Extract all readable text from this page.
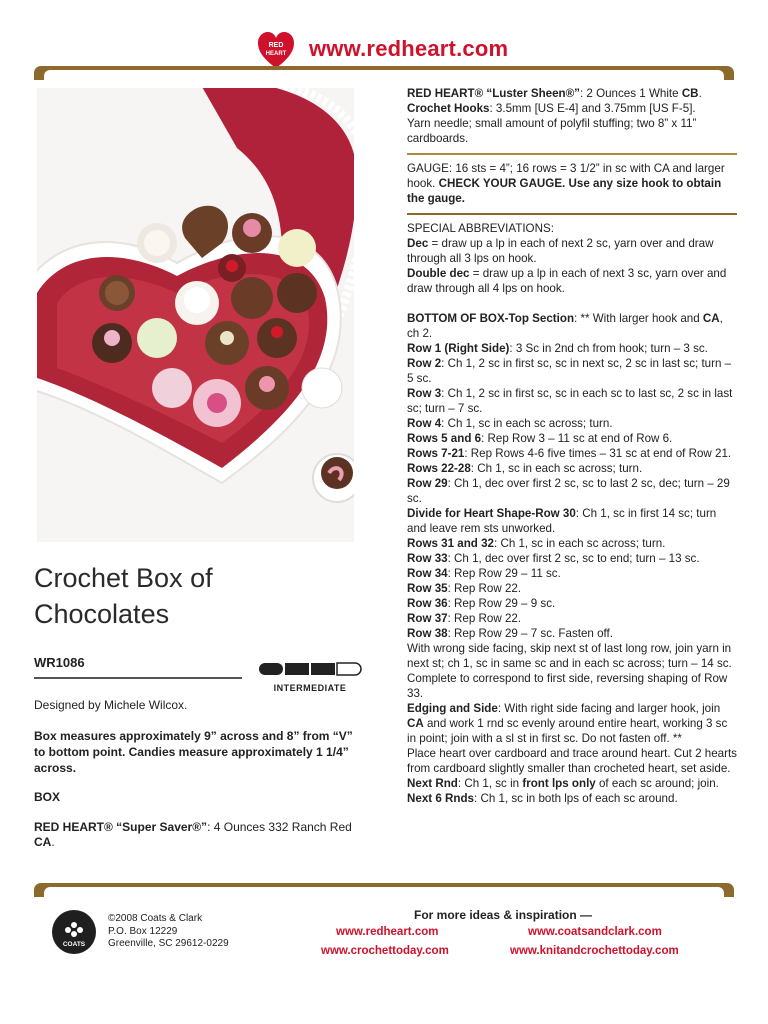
RED
HEART www.redheart.com
Crochet Box of
Chocolates
WR1086
INTERMEDIATE
Designed by Michele Wilcox.
Box measures approximately 9” across and 8” from “V” to bottom point. Candies measure approximately 1 1/4” across.
BOX
RED HEART® “Super Saver®”: 4 Ounces 332 Ranch Red CA.

RED HEART® “Luster Sheen®”: 2 Ounces 1 White CB.

Crochet Hooks: 3.5mm [US E-4] and 3.75mm [US F-5].

Yarn needle; small amount of polyfil stuffing; two 8” x 11” cardboards.

GAUGE: 16 sts = 4”; 16 rows = 3 1/2” in sc with CA and larger hook. CHECK YOUR GAUGE. Use any size hook to obtain the gauge.

SPECIAL ABBREVIATIONS:

Dec = draw up a lp in each of next 2 sc, yarn over and draw through all 3 lps on hook.

Double dec = draw up a lp in each of next 3 sc, yarn over and draw through all 4 lps on hook.

BOTTOM OF BOX-Top Section: ** With larger hook and CA, ch 2.

Row 1 (Right Side): 3 Sc in 2nd ch from hook; turn – 3 sc.

Row 2: Ch 1, 2 sc in first sc, sc in next sc, 2 sc in last sc; turn – 5 sc.

Row 3: Ch 1, 2 sc in first sc, sc in each sc to last sc, 2 sc in last sc; turn – 7 sc.

Row 4: Ch 1, sc in each sc across; turn.

Rows 5 and 6: Rep Row 3 – 11 sc at end of Row 6.

Rows 7-21: Rep Rows 4-6 five times – 31 sc at end of Row 21.

Rows 22-28: Ch 1, sc in each sc across; turn.

Row 29: Ch 1, dec over first 2 sc, sc to last 2 sc, dec; turn – 29 sc.

Divide for Heart Shape-Row 30: Ch 1, sc in first 14 sc; turn and leave rem sts unworked.

Rows 31 and 32: Ch 1, sc in each sc across; turn.

Row 33: Ch 1, dec over first 2 sc, sc to end; turn – 13 sc.

Row 34: Rep Row 29 – 11 sc.

Row 35: Rep Row 22.

Row 36: Rep Row 29 – 9 sc.

Row 37: Rep Row 22.

Row 38: Rep Row 29 – 7 sc. Fasten off.

With wrong side facing, skip next st of last long row, join yarn in next st; ch 1, sc in same sc and in each sc across; turn – 14 sc. Complete to correspond to first side, reversing shaping of Row 33.

Edging and Side: With right side facing and larger hook, join CA and work 1 rnd sc evenly around entire heart, working 3 sc in point; join with a sl st in first sc. Do not fasten off. **

Place heart over cardboard and trace around heart. Cut 2 hearts from cardboard slightly smaller than crocheted heart, set aside.

Next Rnd: Ch 1, sc in front lps only of each sc around; join.

Next 6 Rnds: Ch 1, sc in both lps of each sc around.

COATS
©2008 Coats & Clark
P.O. Box 12229
Greenville, SC 29612-0229
For more ideas & inspiration —
www.redheart.com	www.coatsandclark.com
www.crochettoday.com	www.knitandcrochettoday.com
